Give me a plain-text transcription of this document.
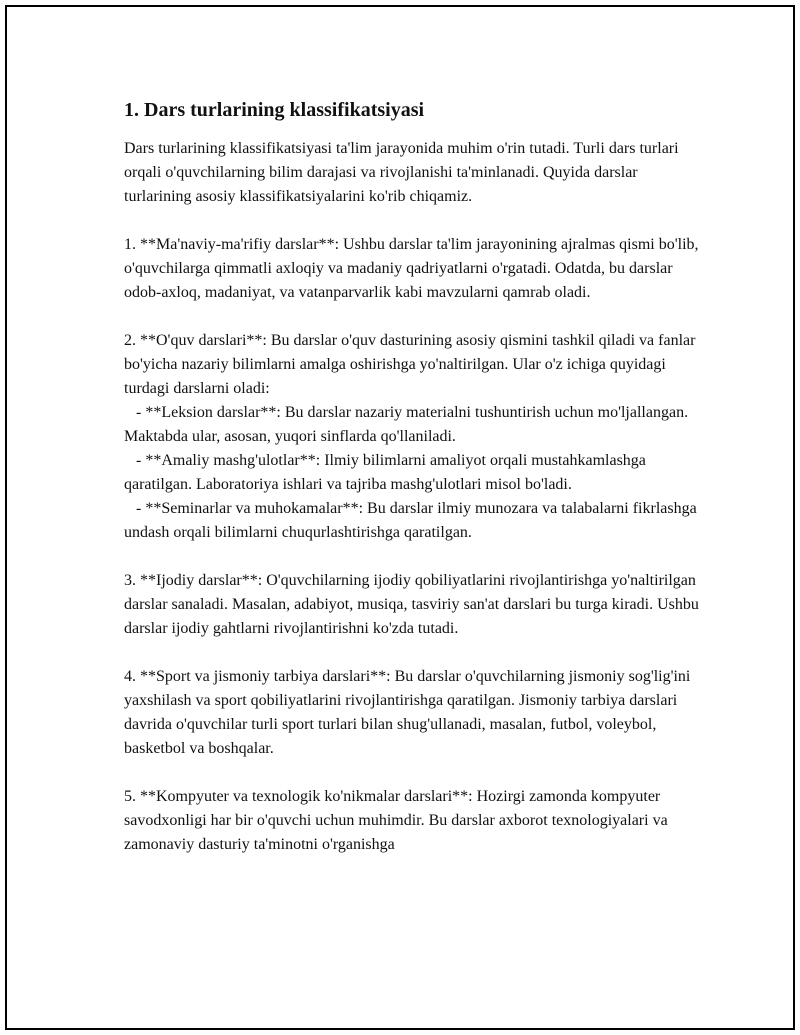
1. Dars turlarining klassifikatsiyasi

Dars turlarining klassifikatsiyasi ta'lim jarayonida muhim o'rin tutadi. Turli dars turlari orqali o'quvchilarning bilim darajasi va rivojlanishi ta'minlanadi. Quyida darslar turlarining asosiy klassifikatsiyalarini ko'rib chiqamiz.

1. **Ma'naviy-ma'rifiy darslar**: Ushbu darslar ta'lim jarayonining ajralmas qismi bo'lib, o'quvchilarga qimmatli axloqiy va madaniy qadriyatlarni o'rgatadi. Odatda, bu darslar odob-axloq, madaniyat, va vatanparvarlik kabi mavzularni qamrab oladi.

2. **O'quv darslari**: Bu darslar o'quv dasturining asosiy qismini tashkil qiladi va fanlar bo'yicha nazariy bilimlarni amalga oshirishga yo'naltirilgan. Ular o'z ichiga quyidagi turdagi darslarni oladi:
- **Leksion darslar**: Bu darslar nazariy materialni tushuntirish uchun mo'ljallangan. Maktabda ular, asosan, yuqori sinflarda qo'llaniladi.
- **Amaliy mashg'ulotlar**: Ilmiy bilimlarni amaliyot orqali mustahkamlashga qaratilgan. Laboratoriya ishlari va tajriba mashg'ulotlari misol bo'ladi.
- **Seminarlar va muhokamalar**: Bu darslar ilmiy munozara va talabalarni fikrlashga undash orqali bilimlarni chuqurlashtirishga qaratilgan.

3. **Ijodiy darslar**: O'quvchilarning ijodiy qobiliyatlarini rivojlantirishga yo'naltirilgan darslar sanaladi. Masalan, adabiyot, musiqa, tasviriy san'at darslari bu turga kiradi. Ushbu darslar ijodiy gahtlarni rivojlantirishni ko'zda tutadi.

4. **Sport va jismoniy tarbiya darslari**: Bu darslar o'quvchilarning jismoniy sog'lig'ini yaxshilash va sport qobiliyatlarini rivojlantirishga qaratilgan. Jismoniy tarbiya darslari davrida o'quvchilar turli sport turlari bilan shug'ullanadi, masalan, futbol, voleybol, basketbol va boshqalar.

5. **Kompyuter va texnologik ko'nikmalar darslari**: Hozirgi zamonda kompyuter savodxonligi har bir o'quvchi uchun muhimdir. Bu darslar axborot texnologiyalari va zamonaviy dasturiy ta'minotni o'rganishga
